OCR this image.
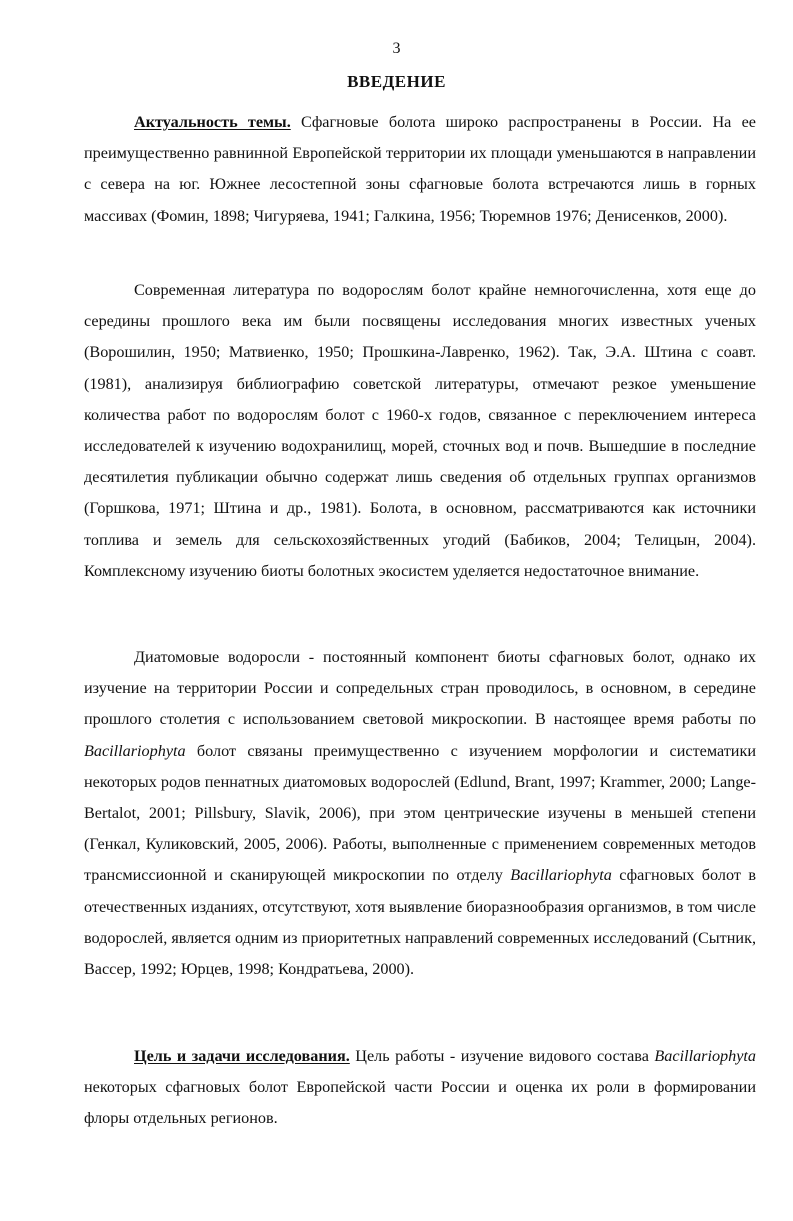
3
ВВЕДЕНИЕ

Актуальность темы. Сфагновые болота широко распространены в России. На ее преимущественно равнинной Европейской территории их площади уменьшаются в направлении с севера на юг. Южнее лесостепной зоны сфагновые болота встречаются лишь в горных массивах (Фомин, 1898; Чигуряева, 1941; Галкина, 1956; Тюремнов 1976; Денисенков, 2000).

Современная литература по водорослям болот крайне немногочисленна, хотя еще до середины прошлого века им были посвящены исследования многих известных ученых (Ворошилин, 1950; Матвиенко, 1950; Прошкина-Лавренко, 1962). Так, Э.А. Штина с соавт. (1981), анализируя библиографию советской литературы, отмечают резкое уменьшение количества работ по водорослям болот с 1960-х годов, связанное с переключением интереса исследователей к изучению водохранилищ, морей, сточных вод и почв. Вышедшие в последние десятилетия публикации обычно содержат лишь сведения об отдельных группах организмов (Горшкова, 1971; Штина и др., 1981). Болота, в основном, рассматриваются как источники топлива и земель для сельскохозяйственных угодий (Бабиков, 2004; Телицын, 2004). Комплексному изучению биоты болотных экосистем уделяется недостаточное внимание.

Диатомовые водоросли - постоянный компонент биоты сфагновых болот, однако их изучение на территории России и сопредельных стран проводилось, в основном, в середине прошлого столетия с использованием световой микроскопии. В настоящее время работы по Bacillariophyta болот связаны преимущественно с изучением морфологии и систематики некоторых родов пеннатных диатомовых водорослей (Edlund, Brant, 1997; Krammer, 2000; Lange-Bertalot, 2001; Pillsbury, Slavik, 2006), при этом центрические изучены в меньшей степени (Генкал, Куликовский, 2005, 2006). Работы, выполненные с применением современных методов трансмиссионной и сканирующей микроскопии по отделу Bacillariophyta сфагновых болот в отечественных изданиях, отсутствуют, хотя выявление биоразнообразия организмов, в том числе водорослей, является одним из приоритетных направлений современных исследований (Сытник, Вассер, 1992; Юрцев, 1998; Кондратьева, 2000).

Цель и задачи исследования. Цель работы - изучение видового состава Bacillariophyta некоторых сфагновых болот Европейской части России и оценка их роли в формировании флоры отдельных регионов.
